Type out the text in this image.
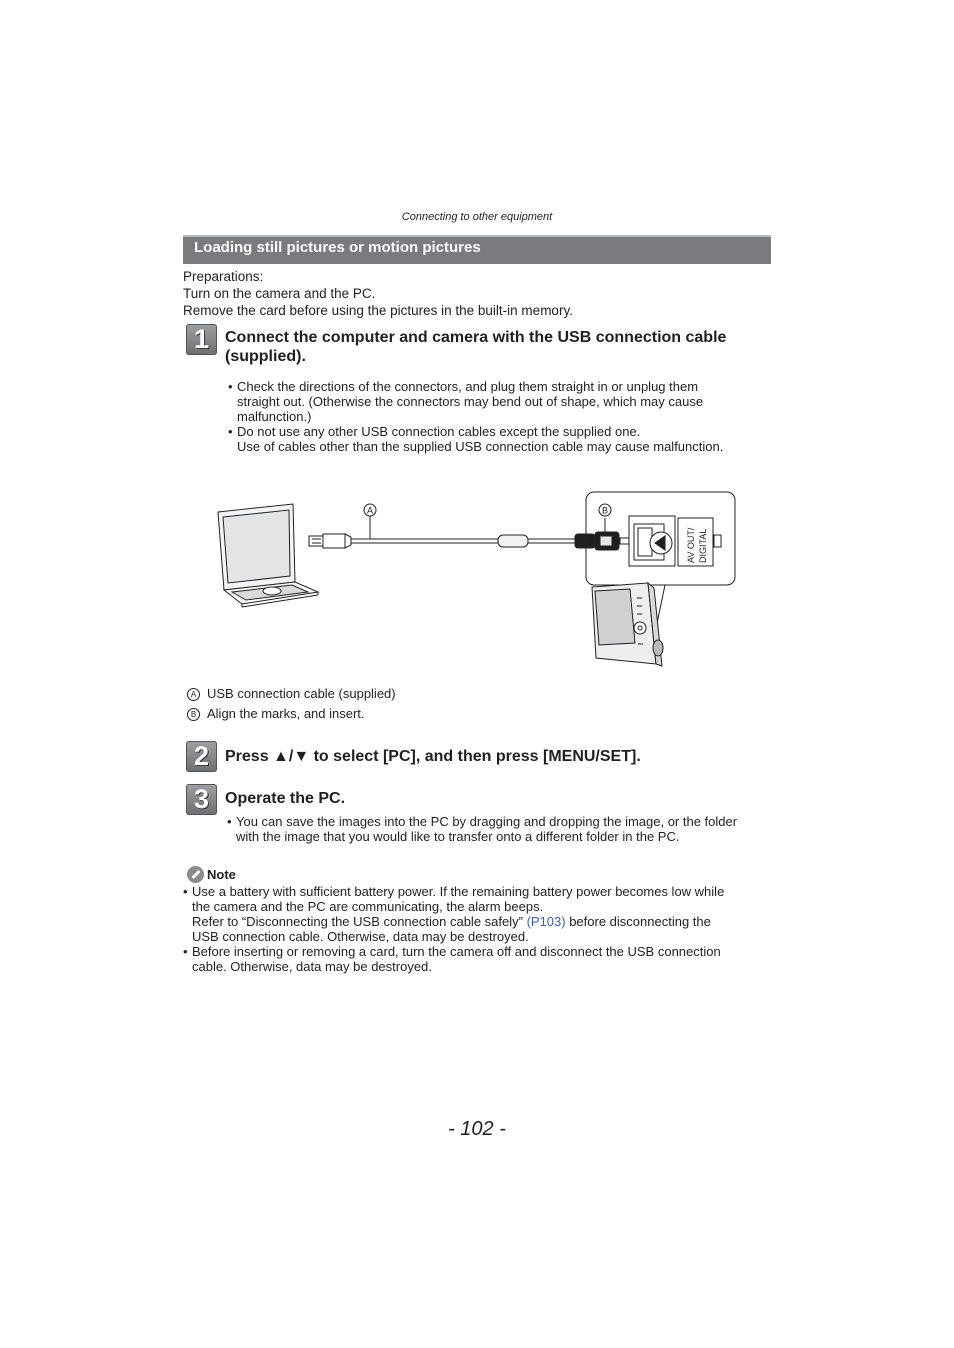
Connecting to other equipment
Loading still pictures or motion pictures
Preparations:
Turn on the camera and the PC.
Remove the card before using the pictures in the built-in memory.
1 Connect the computer and camera with the USB connection cable
(supplied).
• Check the directions of the connectors, and plug them straight in or unplug them
straight out. (Otherwise the connectors may bend out of shape, which may cause
malfunction.)
• Do not use any other USB connection cables except the supplied one.
Use of cables other than the supplied USB connection cable may cause malfunction.
A	B
AV OUT/ DIGITAL
A USB connection cable (supplied)
B Align the marks, and insert.
2 Press ▲/▼ to select [PC], and then press [MENU/SET].
3 Operate the PC.
• You can save the images into the PC by dragging and dropping the image, or the folder
with the image that you would like to transfer onto a different folder in the PC.
Note
• Use a battery with sufficient battery power. If the remaining battery power becomes low while
the camera and the PC are communicating, the alarm beeps.
Refer to “Disconnecting the USB connection cable safely” (P103) before disconnecting the
USB connection cable. Otherwise, data may be destroyed.
• Before inserting or removing a card, turn the camera off and disconnect the USB connection
cable. Otherwise, data may be destroyed.
- 102 -
